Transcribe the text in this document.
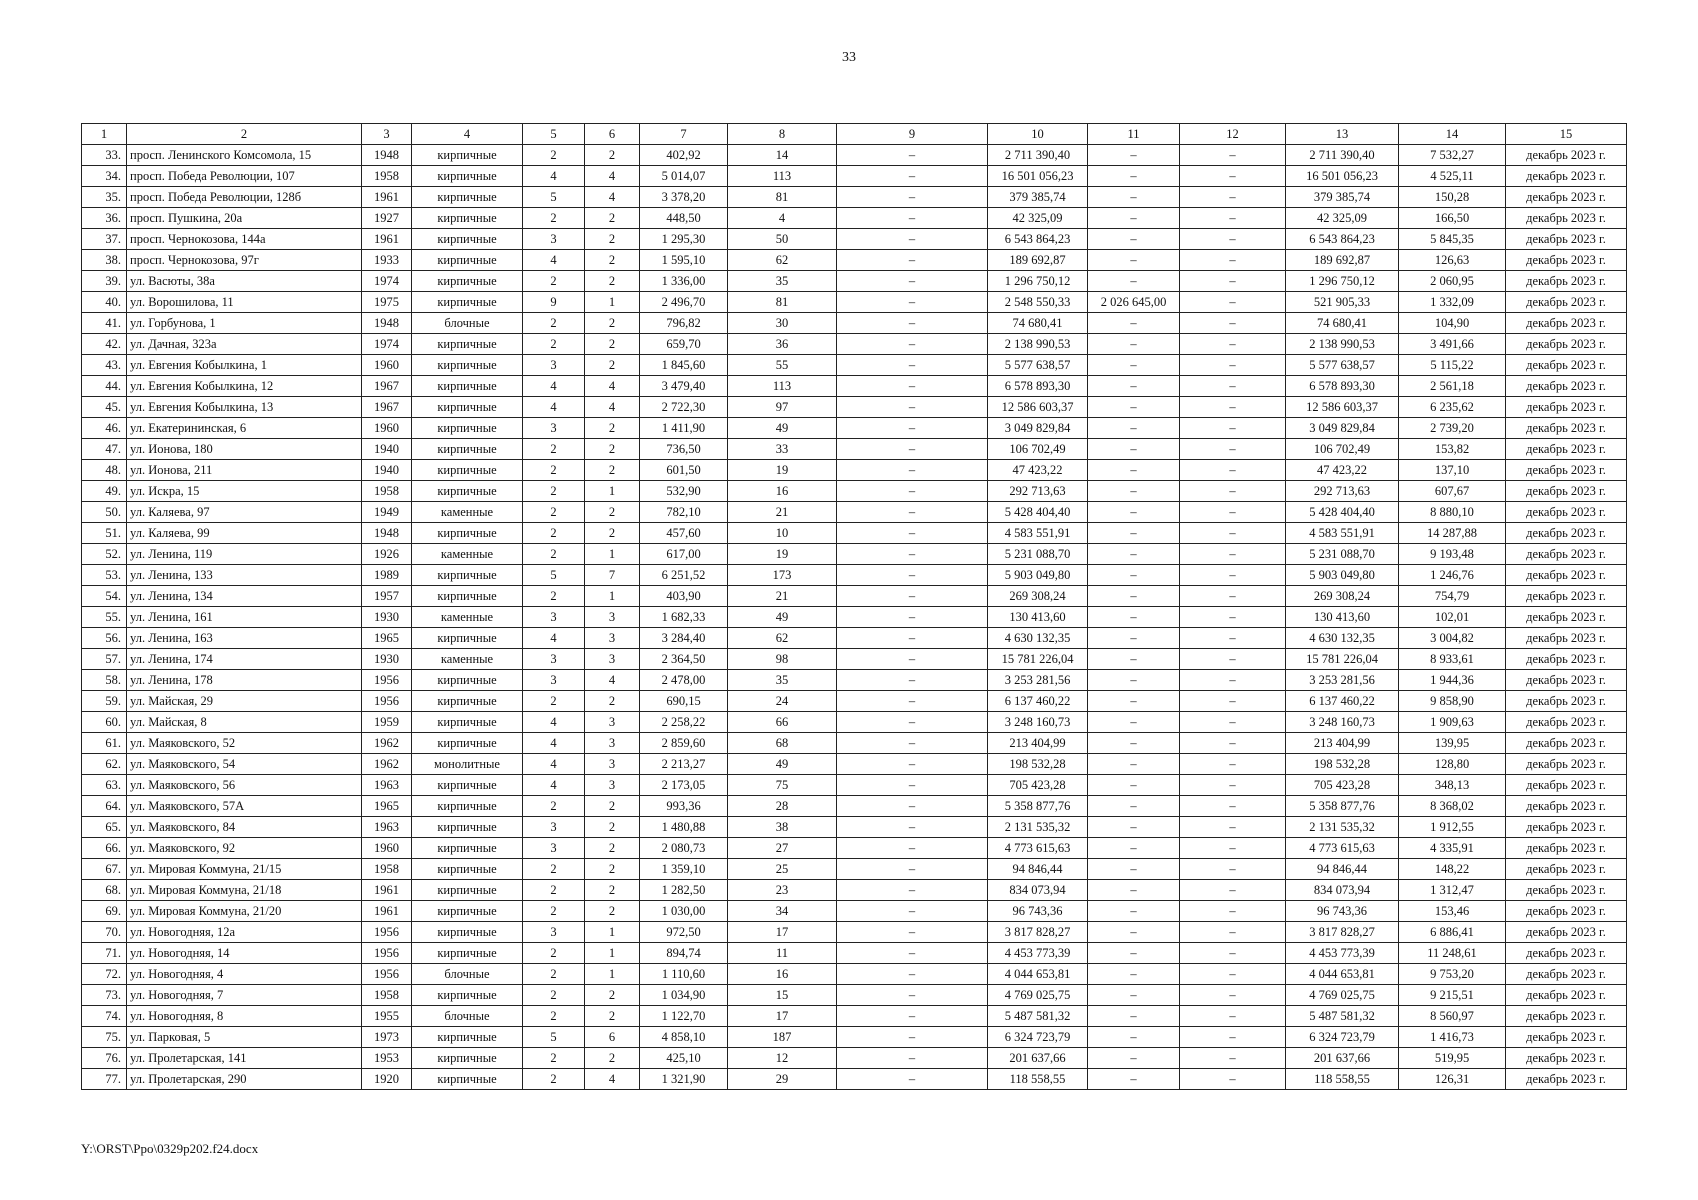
33
1	2	3	4	5	6	7	8	9	10	11	12	13	14	15
33.	просп. Ленинского Комсомола, 15	1948	кирпичные	2	2	402,92	14	–	2 711 390,40	–	–	2 711 390,40	7 532,27	декабрь 2023 г.
34.	просп. Победа Революции, 107	1958	кирпичные	4	4	5 014,07	113	–	16 501 056,23	–	–	16 501 056,23	4 525,11	декабрь 2023 г.
35.	просп. Победа Революции, 128б	1961	кирпичные	5	4	3 378,20	81	–	379 385,74	–	–	379 385,74	150,28	декабрь 2023 г.
36.	просп. Пушкина, 20а	1927	кирпичные	2	2	448,50	4	–	42 325,09	–	–	42 325,09	166,50	декабрь 2023 г.
37.	просп. Чернокозова, 144а	1961	кирпичные	3	2	1 295,30	50	–	6 543 864,23	–	–	6 543 864,23	5 845,35	декабрь 2023 г.
38.	просп. Чернокозова, 97г	1933	кирпичные	4	2	1 595,10	62	–	189 692,87	–	–	189 692,87	126,63	декабрь 2023 г.
39.	ул. Васюты, 38а	1974	кирпичные	2	2	1 336,00	35	–	1 296 750,12	–	–	1 296 750,12	2 060,95	декабрь 2023 г.
40.	ул. Ворошилова, 11	1975	кирпичные	9	1	2 496,70	81	–	2 548 550,33	2 026 645,00	–	521 905,33	1 332,09	декабрь 2023 г.
41.	ул. Горбунова, 1	1948	блочные	2	2	796,82	30	–	74 680,41	–	–	74 680,41	104,90	декабрь 2023 г.
42.	ул. Дачная, 323а	1974	кирпичные	2	2	659,70	36	–	2 138 990,53	–	–	2 138 990,53	3 491,66	декабрь 2023 г.
43.	ул. Евгения Кобылкина, 1	1960	кирпичные	3	2	1 845,60	55	–	5 577 638,57	–	–	5 577 638,57	5 115,22	декабрь 2023 г.
44.	ул. Евгения Кобылкина, 12	1967	кирпичные	4	4	3 479,40	113	–	6 578 893,30	–	–	6 578 893,30	2 561,18	декабрь 2023 г.
45.	ул. Евгения Кобылкина, 13	1967	кирпичные	4	4	2 722,30	97	–	12 586 603,37	–	–	12 586 603,37	6 235,62	декабрь 2023 г.
46.	ул. Екатерининская, 6	1960	кирпичные	3	2	1 411,90	49	–	3 049 829,84	–	–	3 049 829,84	2 739,20	декабрь 2023 г.
47.	ул. Ионова, 180	1940	кирпичные	2	2	736,50	33	–	106 702,49	–	–	106 702,49	153,82	декабрь 2023 г.
48.	ул. Ионова, 211	1940	кирпичные	2	2	601,50	19	–	47 423,22	–	–	47 423,22	137,10	декабрь 2023 г.
49.	ул. Искра, 15	1958	кирпичные	2	1	532,90	16	–	292 713,63	–	–	292 713,63	607,67	декабрь 2023 г.
50.	ул. Каляева, 97	1949	каменные	2	2	782,10	21	–	5 428 404,40	–	–	5 428 404,40	8 880,10	декабрь 2023 г.
51.	ул. Каляева, 99	1948	кирпичные	2	2	457,60	10	–	4 583 551,91	–	–	4 583 551,91	14 287,88	декабрь 2023 г.
52.	ул. Ленина, 119	1926	каменные	2	1	617,00	19	–	5 231 088,70	–	–	5 231 088,70	9 193,48	декабрь 2023 г.
53.	ул. Ленина, 133	1989	кирпичные	5	7	6 251,52	173	–	5 903 049,80	–	–	5 903 049,80	1 246,76	декабрь 2023 г.
54.	ул. Ленина, 134	1957	кирпичные	2	1	403,90	21	–	269 308,24	–	–	269 308,24	754,79	декабрь 2023 г.
55.	ул. Ленина, 161	1930	каменные	3	3	1 682,33	49	–	130 413,60	–	–	130 413,60	102,01	декабрь 2023 г.
56.	ул. Ленина, 163	1965	кирпичные	4	3	3 284,40	62	–	4 630 132,35	–	–	4 630 132,35	3 004,82	декабрь 2023 г.
57.	ул. Ленина, 174	1930	каменные	3	3	2 364,50	98	–	15 781 226,04	–	–	15 781 226,04	8 933,61	декабрь 2023 г.
58.	ул. Ленина, 178	1956	кирпичные	3	4	2 478,00	35	–	3 253 281,56	–	–	3 253 281,56	1 944,36	декабрь 2023 г.
59.	ул. Майская, 29	1956	кирпичные	2	2	690,15	24	–	6 137 460,22	–	–	6 137 460,22	9 858,90	декабрь 2023 г.
60.	ул. Майская, 8	1959	кирпичные	4	3	2 258,22	66	–	3 248 160,73	–	–	3 248 160,73	1 909,63	декабрь 2023 г.
61.	ул. Маяковского, 52	1962	кирпичные	4	3	2 859,60	68	–	213 404,99	–	–	213 404,99	139,95	декабрь 2023 г.
62.	ул. Маяковского, 54	1962	монолитные	4	3	2 213,27	49	–	198 532,28	–	–	198 532,28	128,80	декабрь 2023 г.
63.	ул. Маяковского, 56	1963	кирпичные	4	3	2 173,05	75	–	705 423,28	–	–	705 423,28	348,13	декабрь 2023 г.
64.	ул. Маяковского, 57А	1965	кирпичные	2	2	993,36	28	–	5 358 877,76	–	–	5 358 877,76	8 368,02	декабрь 2023 г.
65.	ул. Маяковского, 84	1963	кирпичные	3	2	1 480,88	38	–	2 131 535,32	–	–	2 131 535,32	1 912,55	декабрь 2023 г.
66.	ул. Маяковского, 92	1960	кирпичные	3	2	2 080,73	27	–	4 773 615,63	–	–	4 773 615,63	4 335,91	декабрь 2023 г.
67.	ул. Мировая Коммуна, 21/15	1958	кирпичные	2	2	1 359,10	25	–	94 846,44	–	–	94 846,44	148,22	декабрь 2023 г.
68.	ул. Мировая Коммуна, 21/18	1961	кирпичные	2	2	1 282,50	23	–	834 073,94	–	–	834 073,94	1 312,47	декабрь 2023 г.
69.	ул. Мировая Коммуна, 21/20	1961	кирпичные	2	2	1 030,00	34	–	96 743,36	–	–	96 743,36	153,46	декабрь 2023 г.
70.	ул. Новогодняя, 12а	1956	кирпичные	3	1	972,50	17	–	3 817 828,27	–	–	3 817 828,27	6 886,41	декабрь 2023 г.
71.	ул. Новогодняя, 14	1956	кирпичные	2	1	894,74	11	–	4 453 773,39	–	–	4 453 773,39	11 248,61	декабрь 2023 г.
72.	ул. Новогодняя, 4	1956	блочные	2	1	1 110,60	16	–	4 044 653,81	–	–	4 044 653,81	9 753,20	декабрь 2023 г.
73.	ул. Новогодняя, 7	1958	кирпичные	2	2	1 034,90	15	–	4 769 025,75	–	–	4 769 025,75	9 215,51	декабрь 2023 г.
74.	ул. Новогодняя, 8	1955	блочные	2	2	1 122,70	17	–	5 487 581,32	–	–	5 487 581,32	8 560,97	декабрь 2023 г.
75.	ул. Парковая, 5	1973	кирпичные	5	6	4 858,10	187	–	6 324 723,79	–	–	6 324 723,79	1 416,73	декабрь 2023 г.
76.	ул. Пролетарская, 141	1953	кирпичные	2	2	425,10	12	–	201 637,66	–	–	201 637,66	519,95	декабрь 2023 г.
77.	ул. Пролетарская, 290	1920	кирпичные	2	4	1 321,90	29	–	118 558,55	–	–	118 558,55	126,31	декабрь 2023 г.
Y:\ORST\Ppo\0329p202.f24.docx
